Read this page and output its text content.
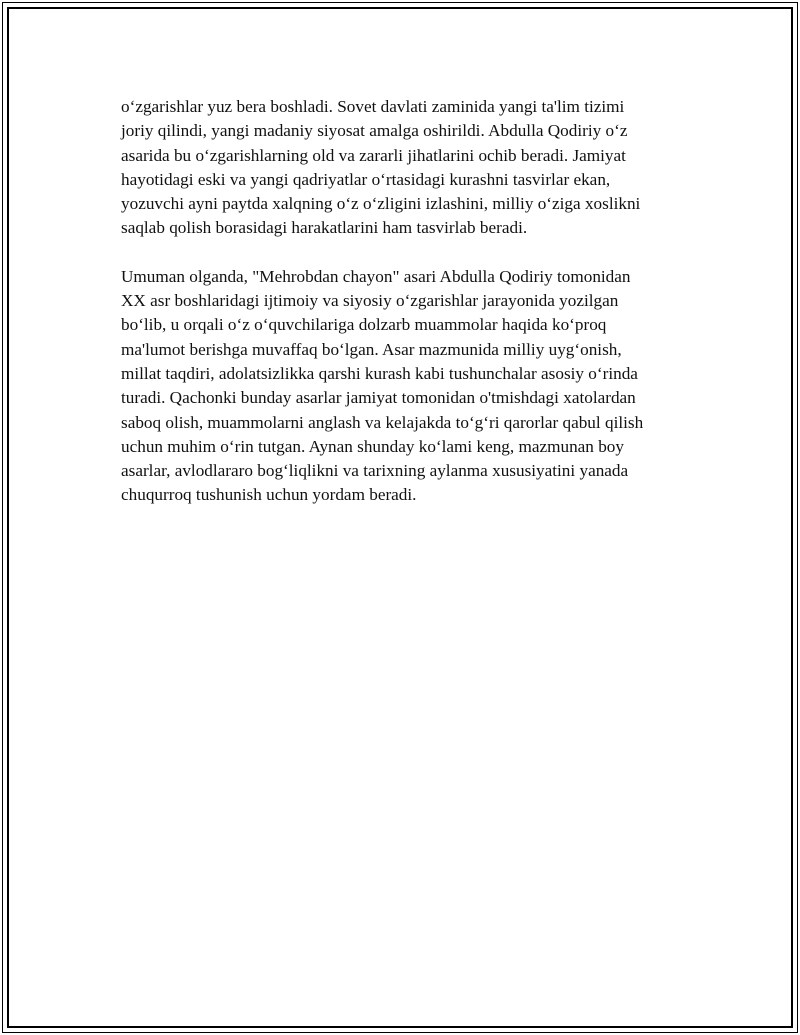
o‘zgarishlar yuz bera boshladi. Sovet davlati zaminida yangi ta'lim tizimi
joriy qilindi, yangi madaniy siyosat amalga oshirildi. Abdulla Qodiriy o‘z
asarida bu o‘zgarishlarning old va zararli jihatlarini ochib beradi. Jamiyat
hayotidagi eski va yangi qadriyatlar o‘rtasidagi kurashni tasvirlar ekan,
yozuvchi ayni paytda xalqning o‘z o‘zligini izlashini, milliy o‘ziga xoslikni
saqlab qolish borasidagi harakatlarini ham tasvirlab beradi.

Umuman olganda, "Mehrobdan chayon" asari Abdulla Qodiriy tomonidan
XX asr boshlaridagi ijtimoiy va siyosiy o‘zgarishlar jarayonida yozilgan
bo‘lib, u orqali o‘z o‘quvchilariga dolzarb muammolar haqida ko‘proq
ma'lumot berishga muvaffaq bo‘lgan. Asar mazmunida milliy uyg‘onish,
millat taqdiri, adolatsizlikka qarshi kurash kabi tushunchalar asosiy o‘rinda
turadi. Qachonki bunday asarlar jamiyat tomonidan o'tmishdagi xatolardan
saboq olish, muammolarni anglash va kelajakda to‘g‘ri qarorlar qabul qilish
uchun muhim o‘rin tutgan. Aynan shunday ko‘lami keng, mazmunan boy
asarlar, avlodlararo bog‘liqlikni va tarixning aylanma xususiyatini yanada
chuqurroq tushunish uchun yordam beradi.
